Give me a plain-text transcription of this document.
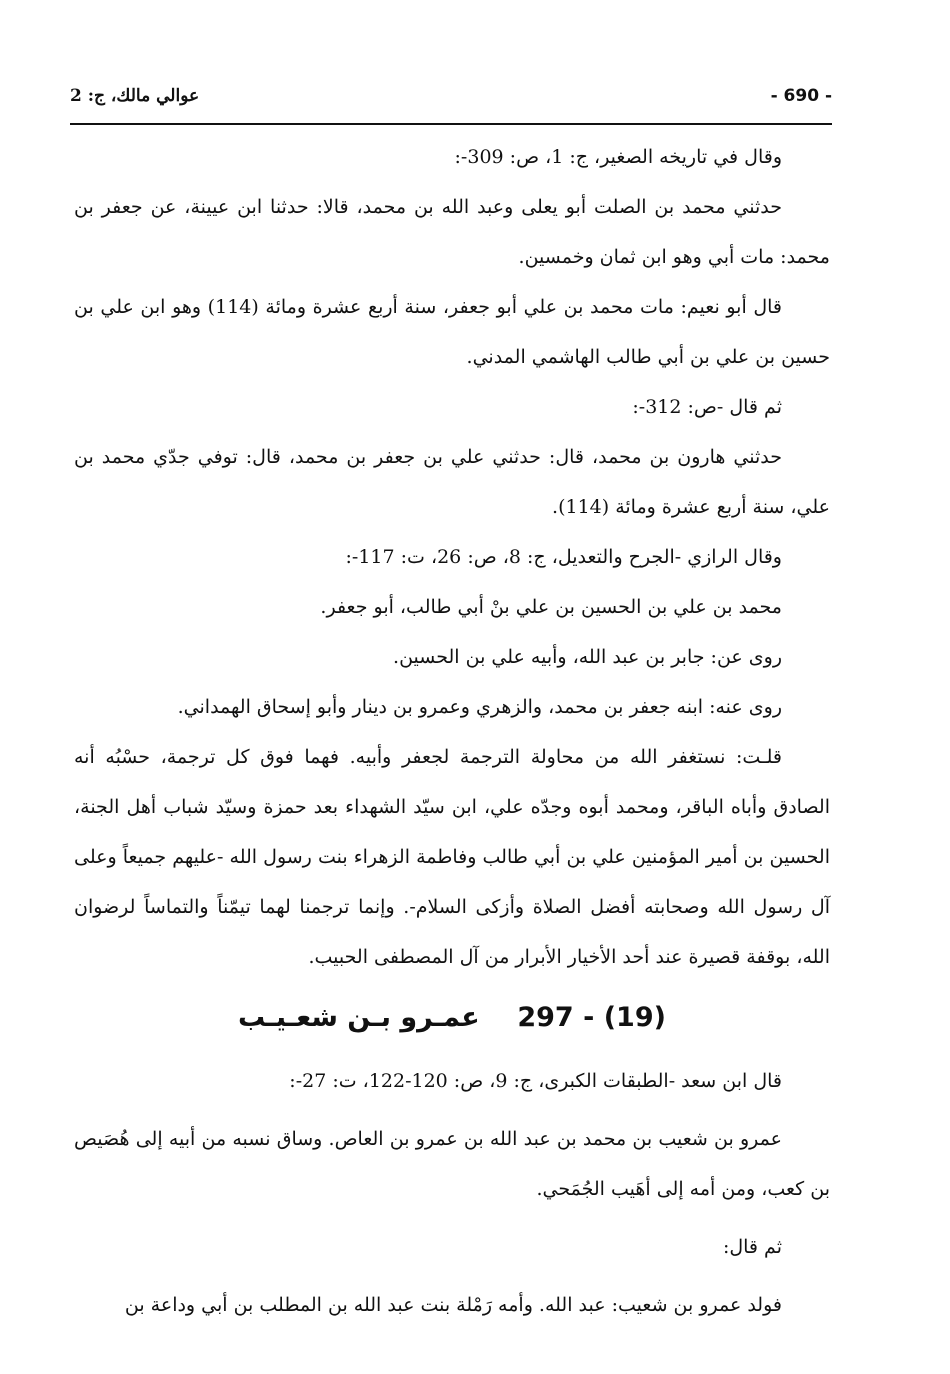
- 690 -
عوالي مالك، ج: 2

وقال في تاريخه الصغير، ج: 1، ص: 309-:

حدثني محمد بن الصلت أبو يعلى وعبد الله بن محمد، قالا: حدثنا ابن عيينة، عن جعفر بن محمد: مات أبي وهو ابن ثمان وخمسين.

قال أبو نعيم: مات محمد بن علي أبو جعفر، سنة أربع عشرة ومائة (114) وهو ابن علي بن حسين بن علي بن أبي طالب الهاشمي المدني.

ثم قال -ص: 312-:

حدثني هارون بن محمد، قال: حدثني علي بن جعفر بن محمد، قال: توفي جدّي محمد بن علي، سنة أربع عشرة ومائة (114).

وقال الرازي -الجرح والتعديل، ج: 8، ص: 26، ت: 117-:

محمد بن علي بن الحسين بن علي بنْ أبي طالب، أبو جعفر.

روى عن: جابر بن عبد الله، وأبيه علي بن الحسين.

روى عنه: ابنه جعفر بن محمد، والزهري وعمرو بن دينار وأبو إسحاق الهمداني.

قلـت: نستغفر الله من محاولة الترجمة لجعفر وأبيه. فهما فوق كل ترجمة، حسْبُه أنه الصادق وأباه الباقر، ومحمد أبوه وجدّه علي، ابن سيّد الشهداء بعد حمزة وسيّد شباب أهل الجنة، الحسين بن أمير المؤمنين علي بن أبي طالب وفاطمة الزهراء بنت رسول الله -عليهم جميعاً وعلى آل رسول الله وصحابته أفضل الصلاة وأزكى السلام-. وإنما ترجمنا لهما تيمّناً والتماساً لرضوان الله، بوقفة قصيرة عند أحد الأخيار الأبرار من آل المصطفى الحبيب.

297 - (19)    عمـرو بـن شعـيـب

قال ابن سعد -الطبقات الكبرى، ج: 9، ص: 120-122، ت: 27-:

عمرو بن شعيب بن محمد بن عبد الله بن عمرو بن العاص. وساق نسبه من أبيه إلى هُصَيص بن كعب، ومن أمه إلى أهَيب الجُمَحي.

ثم قال:

فولد عمرو بن شعيب: عبد الله. وأمه رَمْلة بنت عبد الله بن المطلب بن أبي وداعة بن
